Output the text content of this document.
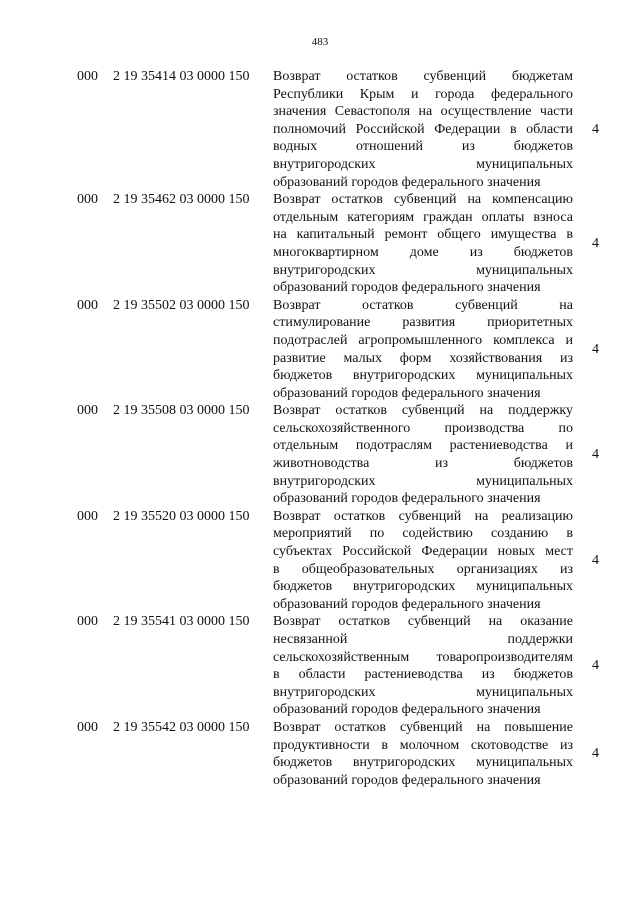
483
000 2 19 35414 03 0000 150 Возврат остатков субвенций бюджетам
Республики Крым и города федерального
значения Севастополя на осуществление части
полномочий Российской Федерации в области
водных отношений из бюджетов
внутригородских муниципальных
образований городов федерального значения
4
000 2 19 35462 03 0000 150 Возврат остатков субвенций на компенсацию
отдельным категориям граждан оплаты взноса
на капитальный ремонт общего имущества в
многоквартирном доме из бюджетов
внутригородских муниципальных
образований городов федерального значения
4
000 2 19 35502 03 0000 150 Возврат остатков субвенций на
стимулирование развития приоритетных
подотраслей агропромышленного комплекса и
развитие малых форм хозяйствования из
бюджетов внутригородских муниципальных
образований городов федерального значения
4
000 2 19 35508 03 0000 150 Возврат остатков субвенций на поддержку
сельскохозяйственного производства по
отдельным подотраслям растениеводства и
животноводства из бюджетов
внутригородских муниципальных
образований городов федерального значения
4
000 2 19 35520 03 0000 150 Возврат остатков субвенций на реализацию
мероприятий по содействию созданию в
субъектах Российской Федерации новых мест
в общеобразовательных организациях из
бюджетов внутригородских муниципальных
образований городов федерального значения
4
000 2 19 35541 03 0000 150 Возврат остатков субвенций на оказание
несвязанной поддержки
сельскохозяйственным товаропроизводителям
в области растениеводства из бюджетов
внутригородских муниципальных
образований городов федерального значения
4
000 2 19 35542 03 0000 150 Возврат остатков субвенций на повышение
продуктивности в молочном скотоводстве из
бюджетов внутригородских муниципальных
образований городов федерального значения
4
